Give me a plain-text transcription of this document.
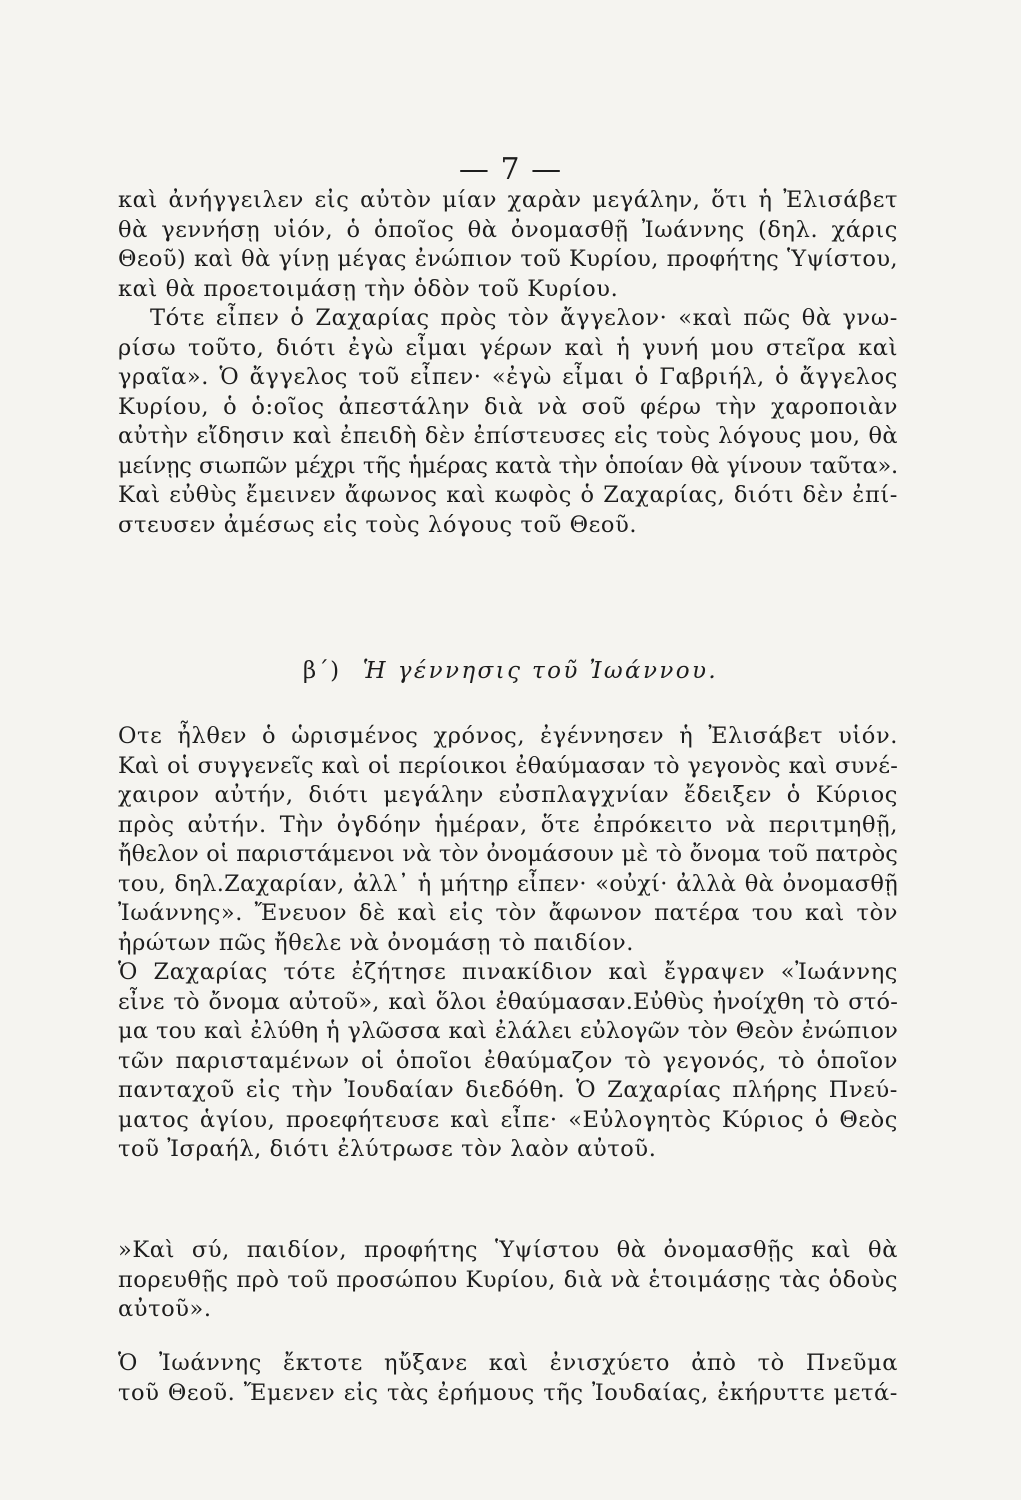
— 7 —
καὶ ἀνήγγειλεν εἰς αὐτὸν μίαν χαρὰν μεγάλην, ὅτι ἡ Ἐλισάβετ
θὰ γεννήσῃ υἱόν, ὁ ὁποῖος θὰ ὀνομασθῇ Ἰωάννης (δηλ. χάρις
Θεοῦ) καὶ θὰ γίνῃ μέγας ἐνώπιον τοῦ Κυρίου, προφήτης Ὑψίστου,
καὶ θὰ προετοιμάσῃ τὴν ὁδὸν τοῦ Κυρίου.
Τότε εἶπεν ὁ Ζαχαρίας πρὸς τὸν ἄγγελον· «καὶ πῶς θὰ γνω-
ρίσω τοῦτο, διότι ἐγὼ εἶμαι γέρων καὶ ἡ γυνή μου στεῖρα καὶ
γραῖα». Ὁ ἄγγελος τοῦ εἶπεν· «ἐγὼ εἶμαι ὁ Γαβριήλ, ὁ ἄγγελος
Κυρίου, ὁ ὁ:οῖος ἀπεστάλην διὰ νὰ σοῦ φέρω τὴν χαροποιὰν
αὐτὴν εἴδησιν καὶ ἐπειδὴ δὲν ἐπίστευσες εἰς τοὺς λόγους μου, θὰ
μείνῃς σιωπῶν μέχρι τῆς ἡμέρας κατὰ τὴν ὁποίαν θὰ γίνουν ταῦτα».
Καὶ εὐθὺς ἔμεινεν ἄφωνος καὶ κωφὸς ὁ Ζαχαρίας, διότι δὲν ἐπί-
στευσεν ἀμέσως εἰς τοὺς λόγους τοῦ Θεοῦ.
β΄) Ἡ γέννησις τοῦ Ἰωάννου.
Οτε ἦλθεν ὁ ὡρισμένος χρόνος, ἐγέννησεν ἡ Ἐλισάβετ υἱόν.
Καὶ οἱ συγγενεῖς καὶ οἱ περίοικοι ἐθαύμασαν τὸ γεγονὸς καὶ συνέ-
χαιρον αὐτήν, διότι μεγάλην εὐσπλαγχνίαν ἔδειξεν ὁ Κύριος
πρὸς αὐτήν. Τὴν ὀγδόην ἡμέραν, ὅτε ἐπρόκειτο νὰ περιτμηθῇ,
ἤθελον οἱ παριστάμενοι νὰ τὸν ὀνομάσουν μὲ τὸ ὄνομα τοῦ πατρὸς
του, δηλ.Ζαχαρίαν, ἀλλ᾿ ἡ μήτηρ εἶπεν· «οὐχί· ἀλλὰ θὰ ὀνομασθῇ
Ἰωάννης». Ἔνευον δὲ καὶ εἰς τὸν ἄφωνον πατέρα του καὶ τὸν
ἠρώτων πῶς ἤθελε νὰ ὀνομάσῃ τὸ παιδίον.
Ὁ Ζαχαρίας τότε ἐζήτησε πινακίδιον καὶ ἔγραψεν «Ἰωάννης
εἶνε τὸ ὄνομα αὐτοῦ», καὶ ὅλοι ἐθαύμασαν.Εὐθὺς ἠνοίχθη τὸ στό-
μα του καὶ ἐλύθη ἡ γλῶσσα καὶ ἐλάλει εὐλογῶν τὸν Θεὸν ἐνώπιον
τῶν παρισταμένων οἱ ὁποῖοι ἐθαύμαζον τὸ γεγονός, τὸ ὁποῖον
πανταχοῦ εἰς τὴν Ἰουδαίαν διεδόθη. Ὁ Ζαχαρίας πλήρης Πνεύ-
ματος ἁγίου, προεφήτευσε καὶ εἶπε· «Εὐλογητὸς Κύριος ὁ Θεὸς
τοῦ Ἰσραήλ, διότι ἐλύτρωσε τὸν λαὸν αὐτοῦ.
»Καὶ σύ, παιδίον, προφήτης Ὑψίστου θὰ ὀνομασθῇς καὶ θὰ
πορευθῇς πρὸ τοῦ προσώπου Κυρίου, διὰ νὰ ἑτοιμάσῃς τὰς ὁδοὺς
αὐτοῦ».
Ὁ Ἰωάννης ἔκτοτε ηὔξανε καὶ ἐνισχύετο ἀπὸ τὸ Πνεῦμα
τοῦ Θεοῦ. Ἔμενεν εἰς τὰς ἐρήμους τῆς Ἰουδαίας, ἐκήρυττε μετά-
